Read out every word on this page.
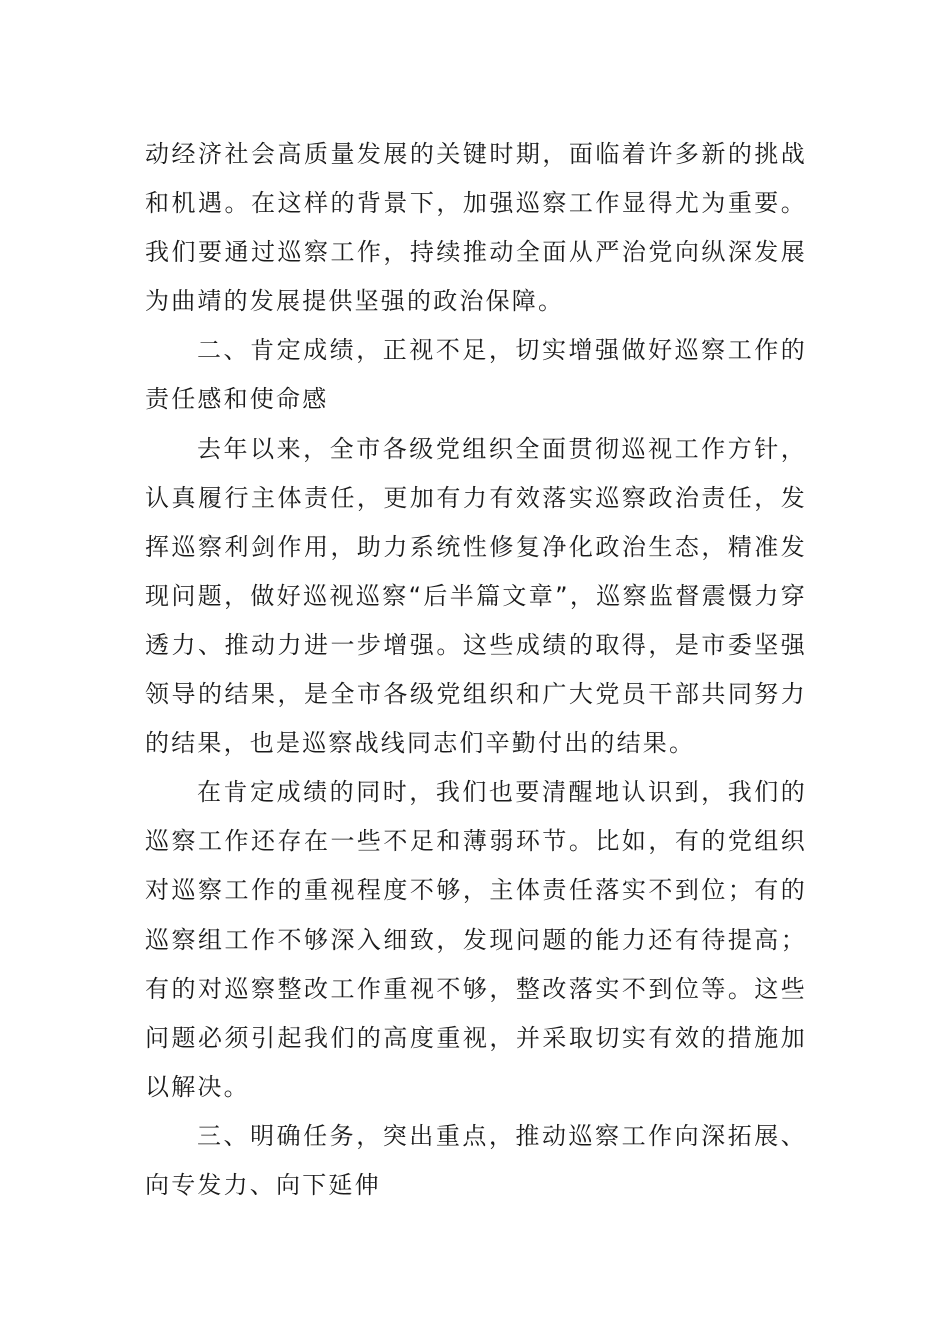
动经济社会高质量发展的关键时期，面临着许多新的挑战和机遇。在这样的背景下，加强巡察工作显得尤为重要。我们要通过巡察工作，持续推动全面从严治党向纵深发展为曲靖的发展提供坚强的政治保障。

二、肯定成绩，正视不足，切实增强做好巡察工作的责任感和使命感

去年以来，全市各级党组织全面贯彻巡视工作方针，认真履行主体责任，更加有力有效落实巡察政治责任，发挥巡察利剑作用，助力系统性修复净化政治生态，精准发现问题，做好巡视巡察“后半篇文章”，巡察监督震慑力穿透力、推动力进一步增强。这些成绩的取得，是市委坚强领导的结果，是全市各级党组织和广大党员干部共同努力的结果，也是巡察战线同志们辛勤付出的结果。

在肯定成绩的同时，我们也要清醒地认识到，我们的巡察工作还存在一些不足和薄弱环节。比如，有的党组织对巡察工作的重视程度不够，主体责任落实不到位；有的巡察组工作不够深入细致，发现问题的能力还有待提高；有的对巡察整改工作重视不够，整改落实不到位等。这些问题必须引起我们的高度重视，并采取切实有效的措施加以解决。

三、明确任务，突出重点，推动巡察工作向深拓展、向专发力、向下延伸
